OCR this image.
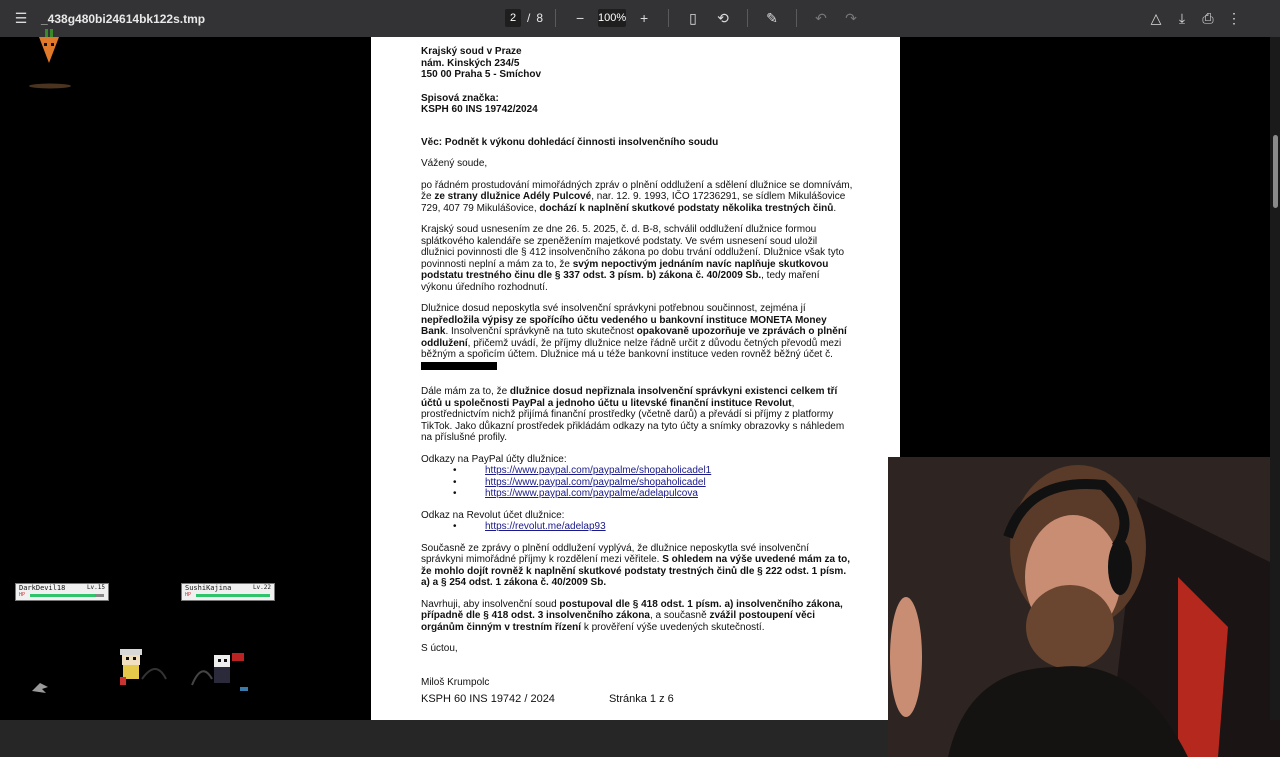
☰	_438g480bi24614bk122s.tmp	2 / 8	−	100% +	▯	⟲	✎	↶	↷	△	⤓	⎙ ⋮

Krajský soud v Praze
nám. Kinských 234/5
150 00 Praha 5 - Smíchov

Spisová značka:
KSPH 60 INS 19742/2024

Věc: Podnět k výkonu dohledácí činnosti insolvenčního soudu

Vážený soude,

po řádném prostudování mimořádných zpráv o plnění oddlužení a sdělení dlužnice se domnívám, že ze strany dlužnice Adély Pulcové, nar. 12. 9. 1993, IČO 17236291, se sídlem Mikulášovice 729, 407 79 Mikulášovice, dochází k naplnění skutkové podstaty několika trestných činů.

Krajský soud usnesením ze dne 26. 5. 2025, č. d. B-8, schválil oddlužení dlužnice formou splátkového kalendáře se zpeněžením majetkové podstaty. Ve svém usnesení soud uložil dlužnici povinnosti dle § 412 insolvenčního zákona po dobu trvání oddlužení. Dlužnice však tyto povinnosti neplní a mám za to, že svým nepoctivým jednáním navíc naplňuje skutkovou podstatu trestného činu dle § 337 odst. 3 písm. b) zákona č. 40/2009 Sb., tedy maření výkonu úředního rozhodnutí.

Dlužnice dosud neposkytla své insolvenční správkyni potřebnou součinnost, zejména jí nepředložila výpisy ze spořícího účtu vedeného u bankovní instituce MONETA Money Bank. Insolvenční správkyně na tuto skutečnost opakovaně upozorňuje ve zprávách o plnění oddlužení, přičemž uvádí, že příjmy dlužnice nelze řádně určit z důvodu četných převodů mezi běžným a spořicím účtem. Dlužnice má u téže bankovní instituce veden rovněž běžný účet č.

Dále mám za to, že dlužnice dosud nepřiznala insolvenční správkyni existenci celkem tří účtů u společnosti PayPal a jednoho účtu u litevské finanční instituce Revolut, prostřednictvím nichž přijímá finanční prostředky (včetně darů) a převádí si příjmy z platformy TikTok. Jako důkazní prostředek přikládám odkazy na tyto účty a snímky obrazovky s náhledem na příslušné profily.

Odkazy na PayPal účty dlužnice:

• https://www.paypal.com/paypalme/shopaholicadel1
• https://www.paypal.com/paypalme/shopaholicadel
• https://www.paypal.com/paypalme/adelapulcova

Odkaz na Revolut účet dlužnice:

• https://revolut.me/adelap93

Současně ze zprávy o plnění oddlužení vyplývá, že dlužnice neposkytla své insolvenční správkyni mimořádné příjmy k rozdělení mezi věřitele. S ohledem na výše uvedené mám za to, že mohlo dojít rovněž k naplnění skutkové podstaty trestných činů dle § 222 odst. 1 písm. a) a § 254 odst. 1 zákona č. 40/2009 Sb.

Navrhuji, aby insolvenční soud postupoval dle § 418 odst. 1 písm. a) insolvenčního zákona, případně dle § 418 odst. 3 insolvenčního zákona, a současně zvážil postoupení věci orgánům činným v trestním řízení k prověření výše uvedených skutečností.

S úctou,

Miloš Krumpolc

KSPH 60 INS 19742 / 2024	Stránka 1 z 6
DarkDevil18	Lv.15
HP
SushiKajina	Lv.22
HP
